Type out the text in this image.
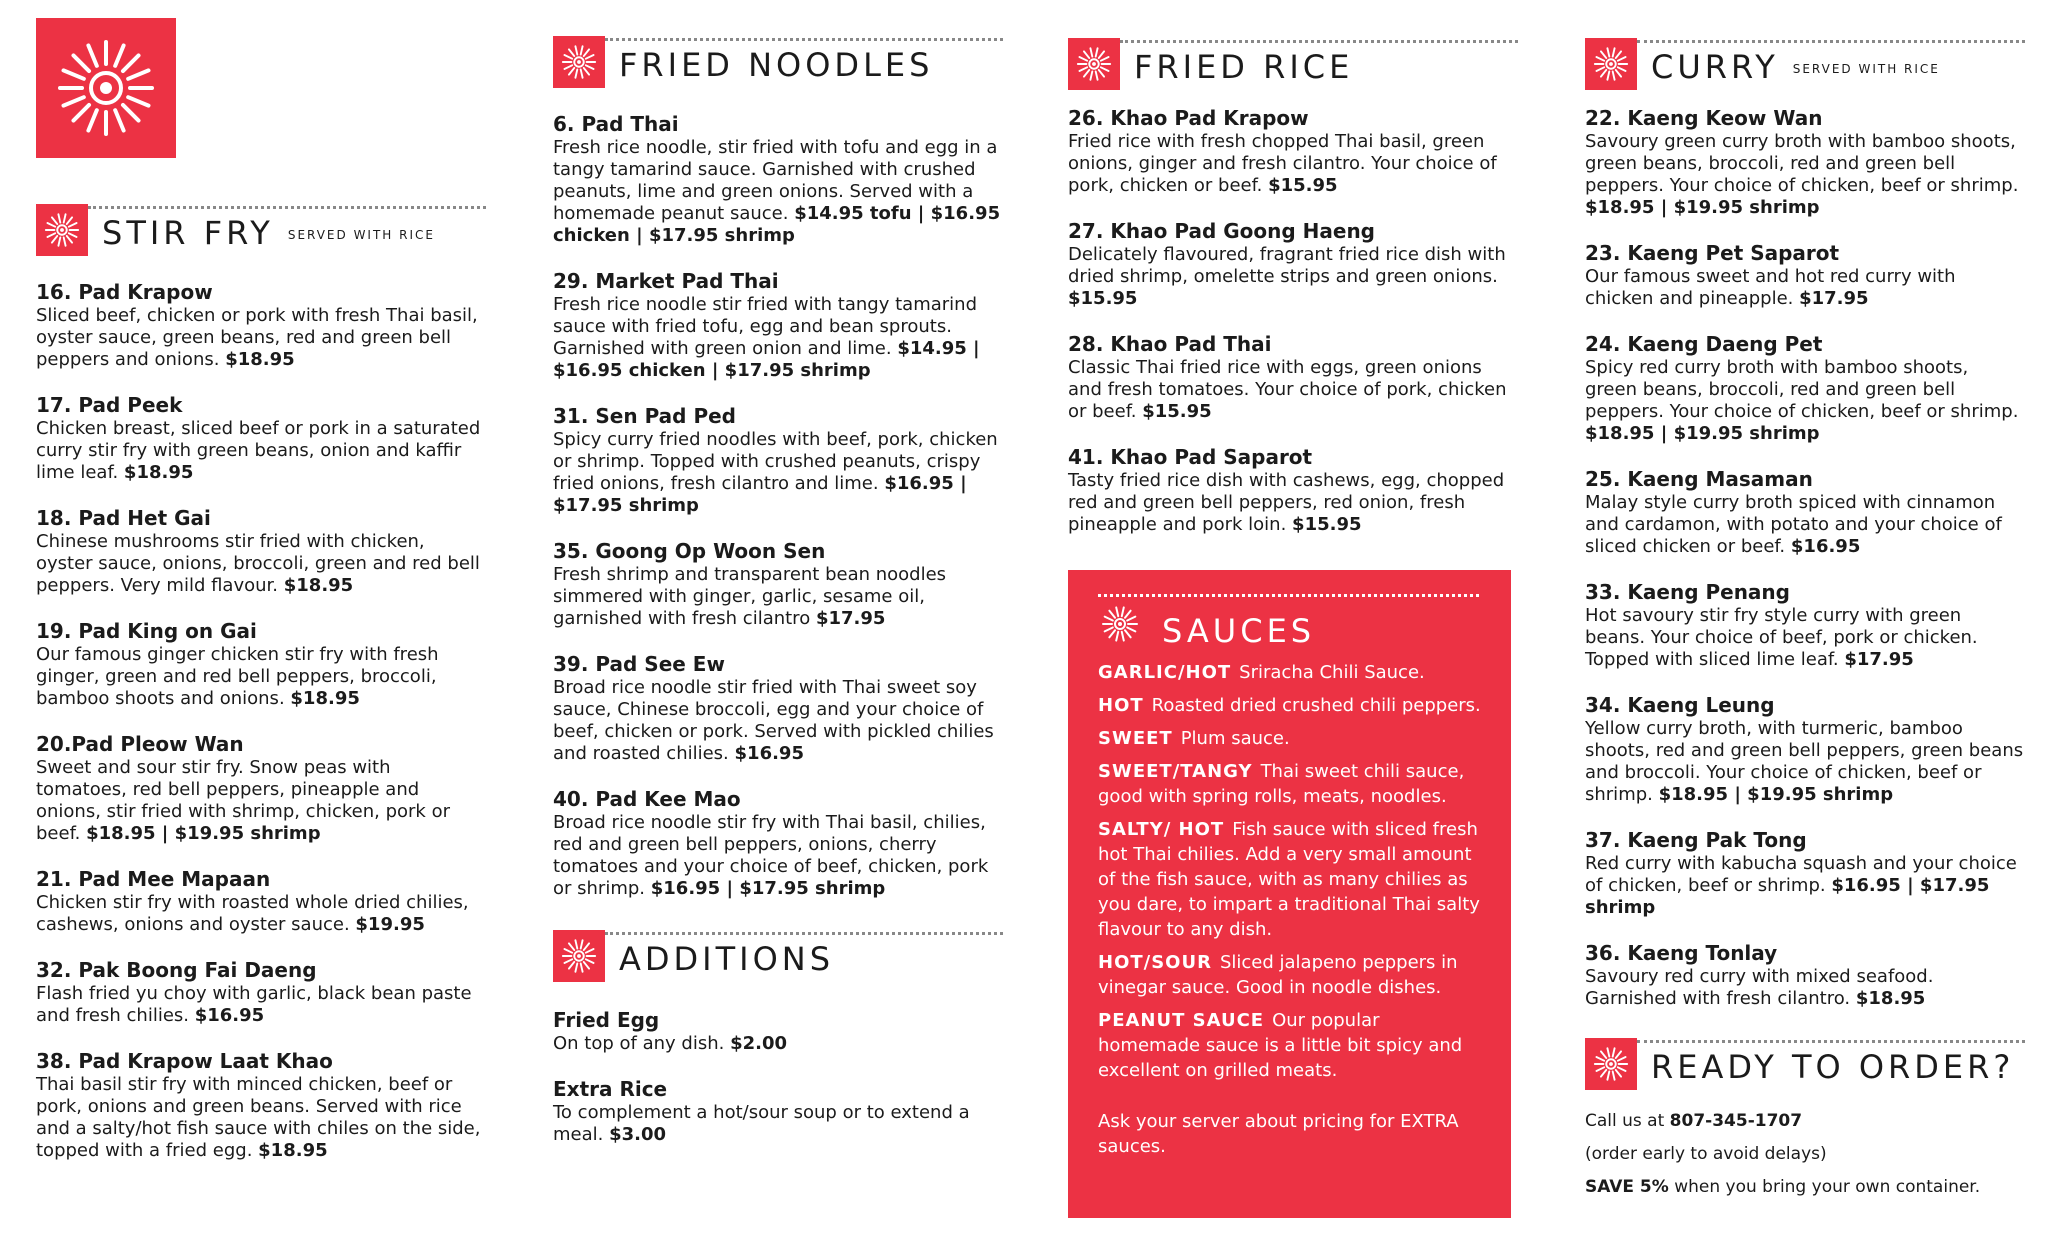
STIR FRY SERVED WITH RICE
16. Pad Krapow
Sliced beef, chicken or pork with fresh Thai basil, oyster sauce, green beans, red and green bell peppers and onions. $18.95
17. Pad Peek
Chicken breast, sliced beef or pork in a saturated curry stir fry with green beans, onion and kaffir lime leaf. $18.95
18. Pad Het Gai
Chinese mushrooms stir fried with chicken, oyster sauce, onions, broccoli, green and red bell peppers. Very mild flavour. $18.95
19. Pad King on Gai
Our famous ginger chicken stir fry with fresh ginger, green and red bell peppers, broccoli, bamboo shoots and onions. $18.95
20.Pad Pleow Wan
Sweet and sour stir fry. Snow peas with tomatoes, red bell peppers, pineapple and onions, stir fried with shrimp, chicken, pork or beef. $18.95 | $19.95 shrimp
21. Pad Mee Mapaan
Chicken stir fry with roasted whole dried chilies, cashews, onions and oyster sauce. $19.95
32. Pak Boong Fai Daeng
Flash fried yu choy with garlic, black bean paste and fresh chilies. $16.95
38. Pad Krapow Laat Khao
Thai basil stir fry with minced chicken, beef or pork, onions and green beans. Served with rice and a salty/hot fish sauce with chiles on the side, topped with a fried egg. $18.95
FRIED NOODLES
6. Pad Thai
Fresh rice noodle, stir fried with tofu and egg in a tangy tamarind sauce. Garnished with crushed peanuts, lime and green onions. Served with a homemade peanut sauce. $14.95 tofu | $16.95 chicken | $17.95 shrimp
29. Market Pad Thai
Fresh rice noodle stir fried with tangy tamarind sauce with fried tofu, egg and bean sprouts. Garnished with green onion and lime. $14.95 | $16.95 chicken | $17.95 shrimp
31. Sen Pad Ped
Spicy curry fried noodles with beef, pork, chicken or shrimp. Topped with crushed peanuts, crispy fried onions, fresh cilantro and lime. $16.95 | $17.95 shrimp
35. Goong Op Woon Sen
Fresh shrimp and transparent bean noodles simmered with ginger, garlic, sesame oil, garnished with fresh cilantro $17.95
39. Pad See Ew
Broad rice noodle stir fried with Thai sweet soy sauce, Chinese broccoli, egg and your choice of beef, chicken or pork. Served with pickled chilies and roasted chilies. $16.95
40. Pad Kee Mao
Broad rice noodle stir fry with Thai basil, chilies, red and green bell peppers, onions, cherry tomatoes and your choice of beef, chicken, pork or shrimp. $16.95 | $17.95 shrimp
ADDITIONS
Fried Egg
On top of any dish. $2.00
Extra Rice
To complement a hot/sour soup or to extend a meal. $3.00
FRIED RICE
26. Khao Pad Krapow
Fried rice with fresh chopped Thai basil, green onions, ginger and fresh cilantro. Your choice of pork, chicken or beef. $15.95
27. Khao Pad Goong Haeng
Delicately flavoured, fragrant fried rice dish with dried shrimp, omelette strips and green onions. $15.95
28. Khao Pad Thai
Classic Thai fried rice with eggs, green onions and fresh tomatoes. Your choice of pork, chicken or beef. $15.95
41. Khao Pad Saparot
Tasty fried rice dish with cashews, egg, chopped red and green bell peppers, red onion, fresh pineapple and pork loin. $15.95
SAUCES
GARLIC/HOT Sriracha Chili Sauce.
HOT Roasted dried crushed chili peppers.
SWEET Plum sauce.
SWEET/TANGY Thai sweet chili sauce, good with spring rolls, meats, noodles.
SALTY/ HOT Fish sauce with sliced fresh hot Thai chilies. Add a very small amount of the fish sauce, with as many chilies as you dare, to impart a traditional Thai salty flavour to any dish.
HOT/SOUR Sliced jalapeno peppers in vinegar sauce. Good in noodle dishes.
PEANUT SAUCE Our popular homemade sauce is a little bit spicy and excellent on grilled meats.
Ask your server about pricing for EXTRA sauces.
CURRY SERVED WITH RICE
22. Kaeng Keow Wan
Savoury green curry broth with bamboo shoots, green beans, broccoli, red and green bell peppers. Your choice of chicken, beef or shrimp. $18.95 | $19.95 shrimp
23. Kaeng Pet Saparot
Our famous sweet and hot red curry with chicken and pineapple. $17.95
24. Kaeng Daeng Pet
Spicy red curry broth with bamboo shoots, green beans, broccoli, red and green bell peppers. Your choice of chicken, beef or shrimp. $18.95 | $19.95 shrimp
25. Kaeng Masaman
Malay style curry broth spiced with cinnamon and cardamon, with potato and your choice of sliced chicken or beef. $16.95
33. Kaeng Penang
Hot savoury stir fry style curry with green beans. Your choice of beef, pork or chicken. Topped with sliced lime leaf. $17.95
34. Kaeng Leung
Yellow curry broth, with turmeric, bamboo shoots, red and green bell peppers, green beans and broccoli. Your choice of chicken, beef or shrimp. $18.95 | $19.95 shrimp
37. Kaeng Pak Tong
Red curry with kabucha squash and your choice of chicken, beef or shrimp. $16.95 | $17.95 shrimp
36. Kaeng Tonlay
Savoury red curry with mixed seafood. Garnished with fresh cilantro. $18.95
READY TO ORDER?
Call us at 807-345-1707
(order early to avoid delays)
SAVE 5% when you bring your own container.
